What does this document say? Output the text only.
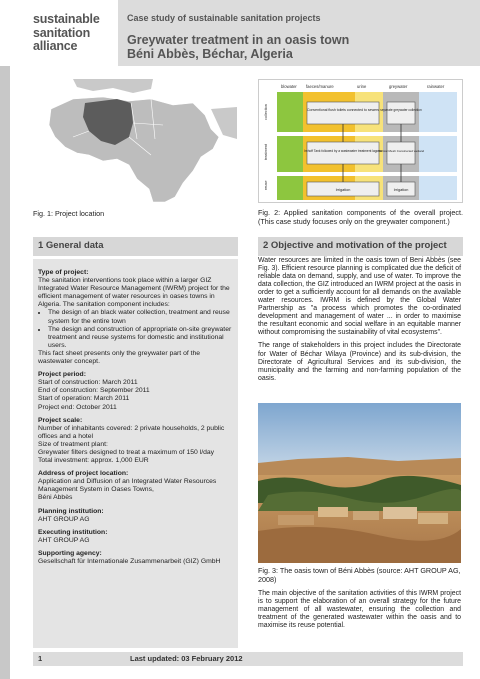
sustainable
sanitation
alliance
Case study of sustainable sanitation projects
Greywater treatment in an oasis town
Béni Abbès, Béchar, Algeria
Fig. 1: Project location
blowater faeces/manure	urine	greywater	rainwater
collection
treatment
reuse
Conventional flush toilets connected to sewers separate greywater collection
Imhoff Tank followed by a wastewater treatment lagoon
Vertical Mesh Constructed wetland
Irrigation	Irrigation
Fig. 2: Applied sanitation components of the overall project. (This case study focuses only on the greywater component.)
1 General data
Type of project:
The sanitation interventions took place within a larger GIZ Integrated Water Resource Management (IWRM) project for the efficient management of water resources in oases towns in Algeria. The sanitation component includes:
• The design of an black water collection, treatment and reuse system for the entire town
• The design and construction of appropriate on-site greywater treatment and reuse systems for domestic and institutional users.
This fact sheet presents only the greywater part of the wastewater concept.
Project period:
Start of construction: March 2011
End of construction: September 2011
Start of operation: March 2011
Project end: October 2011
Project scale:
Number of inhabitants covered: 2 private households, 2 public offices and a hotel
Size of treatment plant:
Greywater filters designed to treat a maximum of 150 l/day
Total investment: approx. 1,000 EUR
Address of project location:
Application and Diffusion of an Integrated Water Resources Management System in Oases Towns,
Béni Abbès
Planning institution:
AHT GROUP AG
Executing institution:
AHT GROUP AG
Supporting agency:
Gesellschaft für Internationale Zusammenarbeit (GIZ) GmbH
2 Objective and motivation of the project

Water resources are limited in the oasis town of Beni Abbès (see Fig. 3). Efficient resource planning is complicated due the deficit of reliable data on demand, supply, and use of water. To improve the data collection, the GIZ introduced an IWRM project at the oasis in order to get a sufficiently account for all demands on the available water resources. IWRM is defined by the Global Water Partnership as "a process which promotes the co-ordinated development and management of water ... in order to maximise the resultant economic and social welfare in an equitable manner without compromising the sustainability of vital ecosystems".

The range of stakeholders in this project includes the Directorate for Water of Béchar Wilaya (Province) and its sub-division, the Directorate of Agricultural Services and its sub-division, the municipality and the farming and non-farming population of the oasis.

Fig. 3: The oasis town of Béni Abbès (source: AHT GROUP AG, 2008)
The main objective of the sanitation activities of this IWRM project is to support the elaboration of an overall strategy for the future management of all wastewater, ensuring the collection and treatment of the generated wastewater within the oasis and to maximise its reuse potential.
1	Last updated: 03 February 2012
